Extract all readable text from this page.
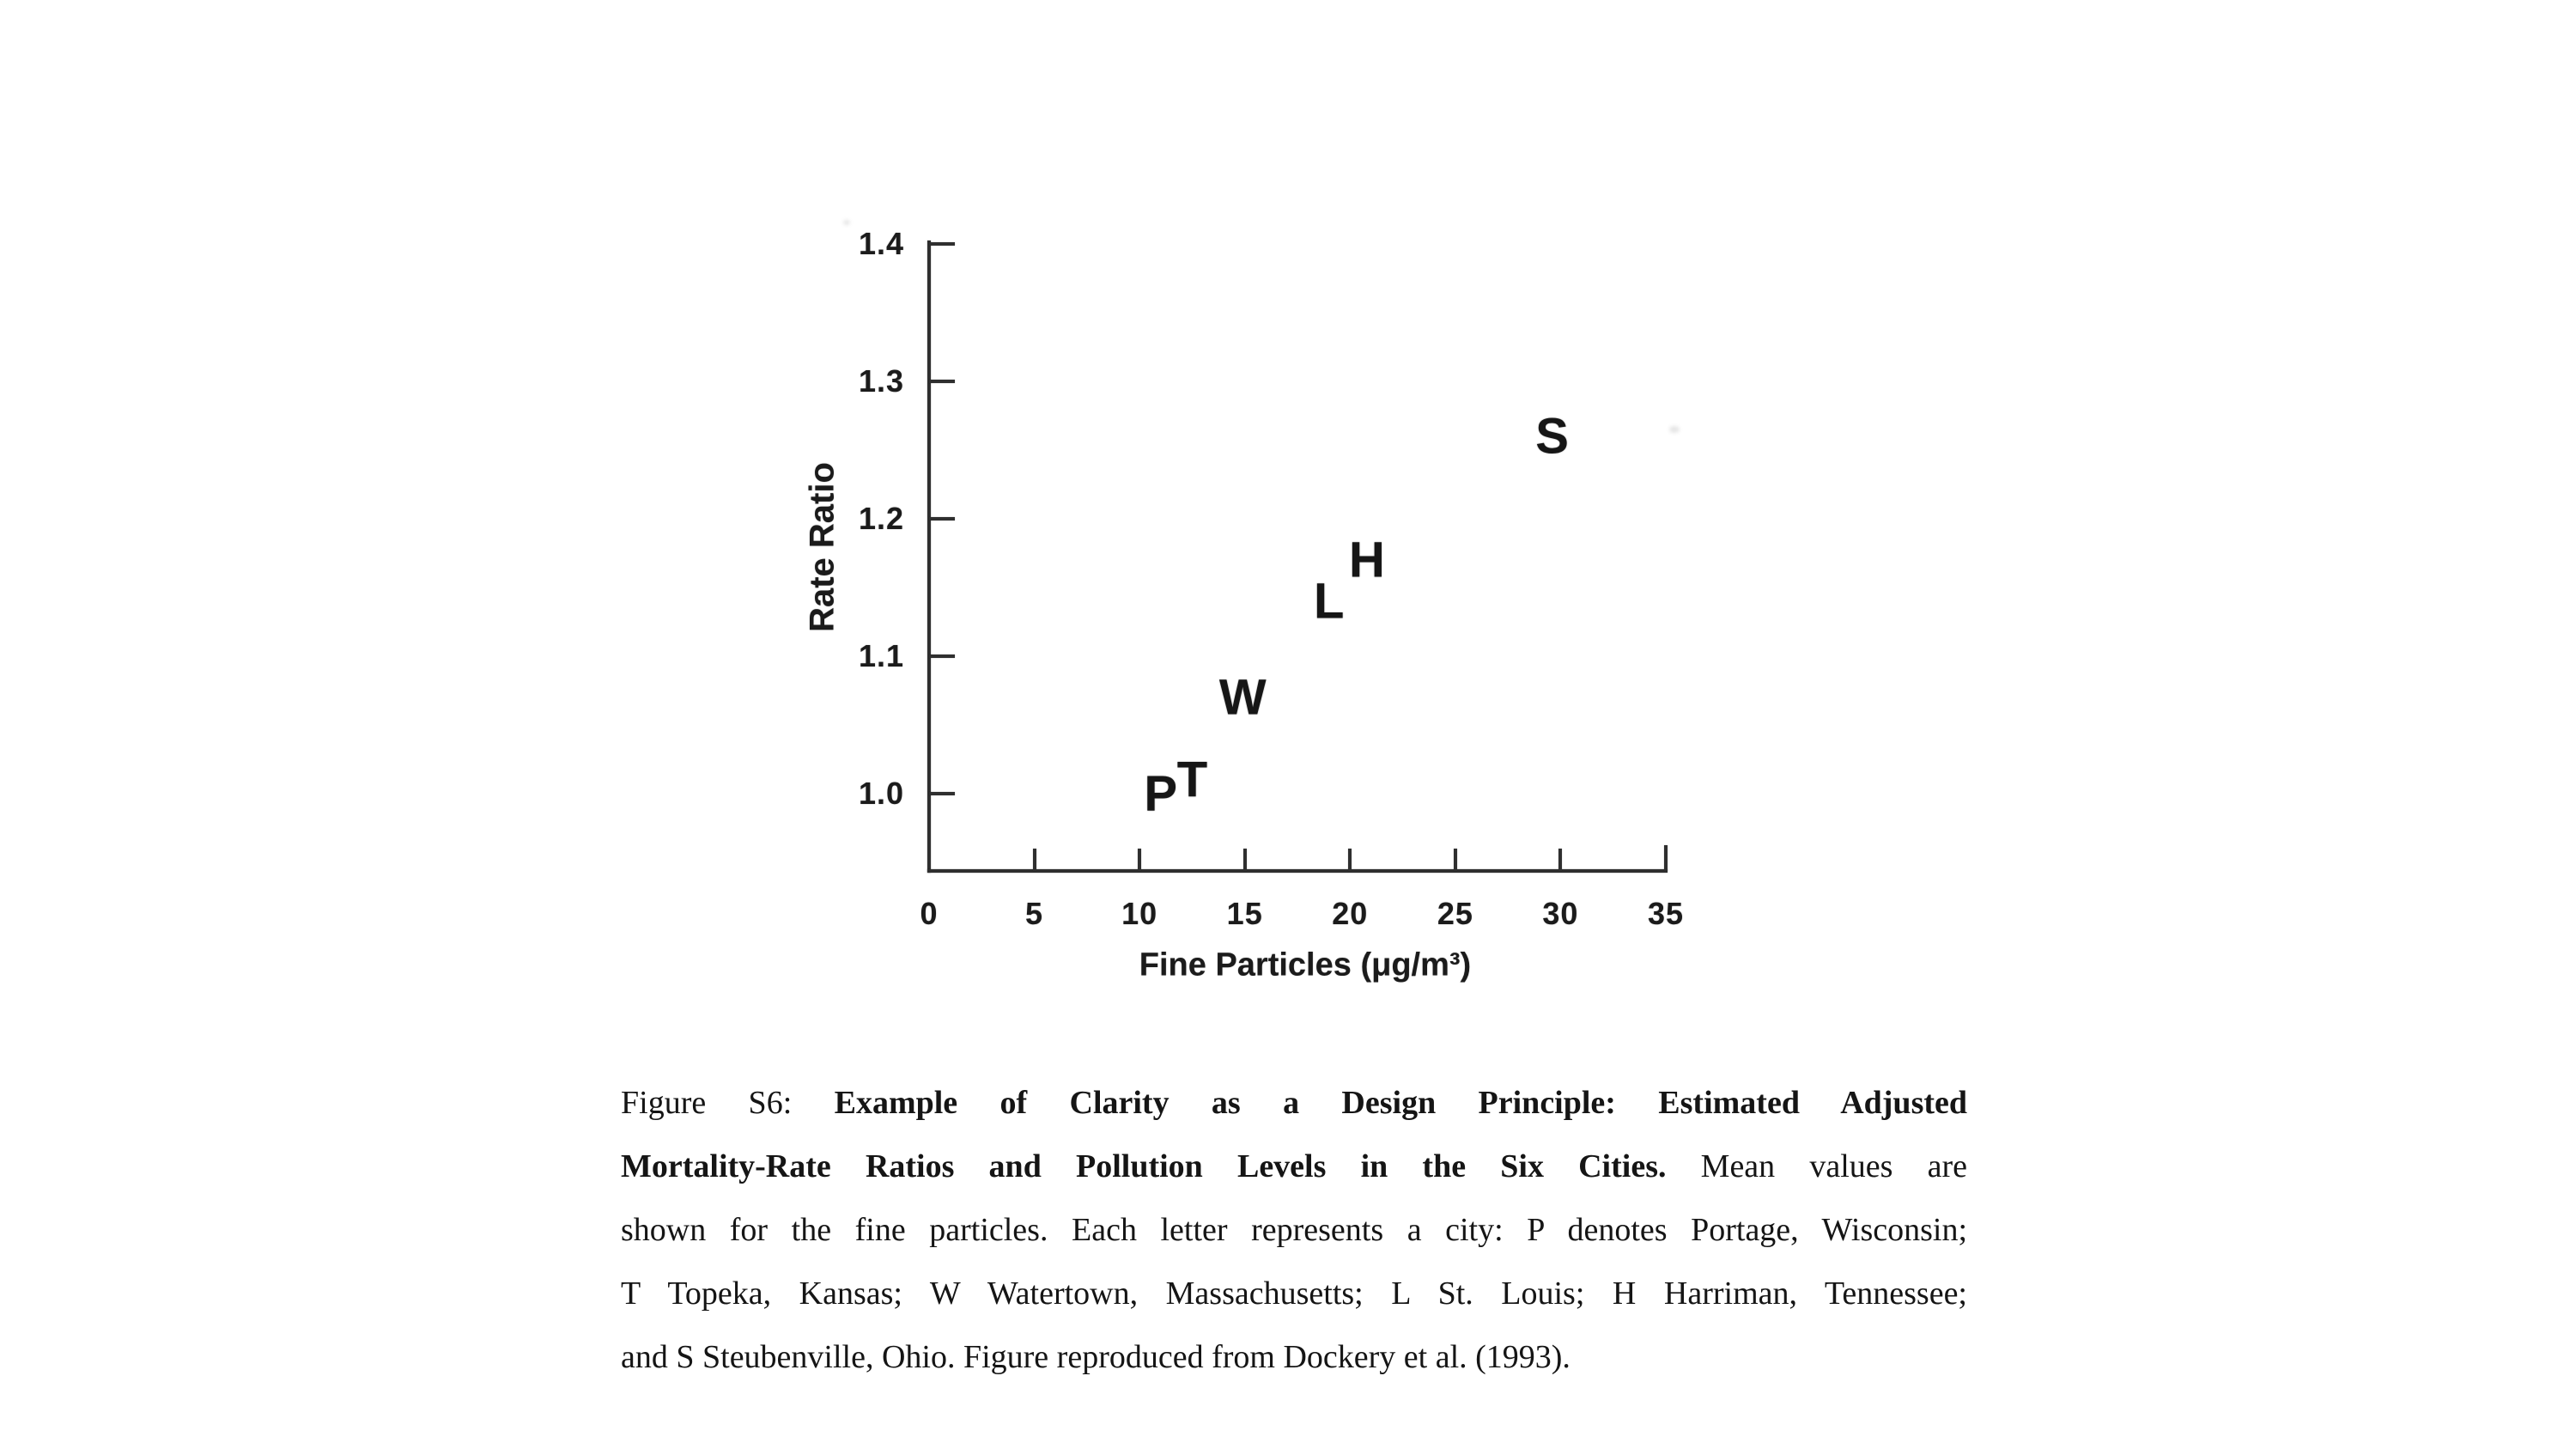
1.0
1.1
1.2
1.3
1.4
0	5	10	15	20	25	30	35
P T
W
L
H
S
Fine Particles (μg/m³)
Rate Ratio
Figure S6: Example of Clarity as a Design Principle: Estimated Adjusted
Mortality-Rate Ratios and Pollution Levels in the Six Cities. Mean values are
shown for the fine particles. Each letter represents a city: P denotes Portage, Wisconsin;
T Topeka, Kansas; W Watertown, Massachusetts; L St. Louis; H Harriman, Tennessee;
and S Steubenville, Ohio. Figure reproduced from Dockery et al. (1993).
